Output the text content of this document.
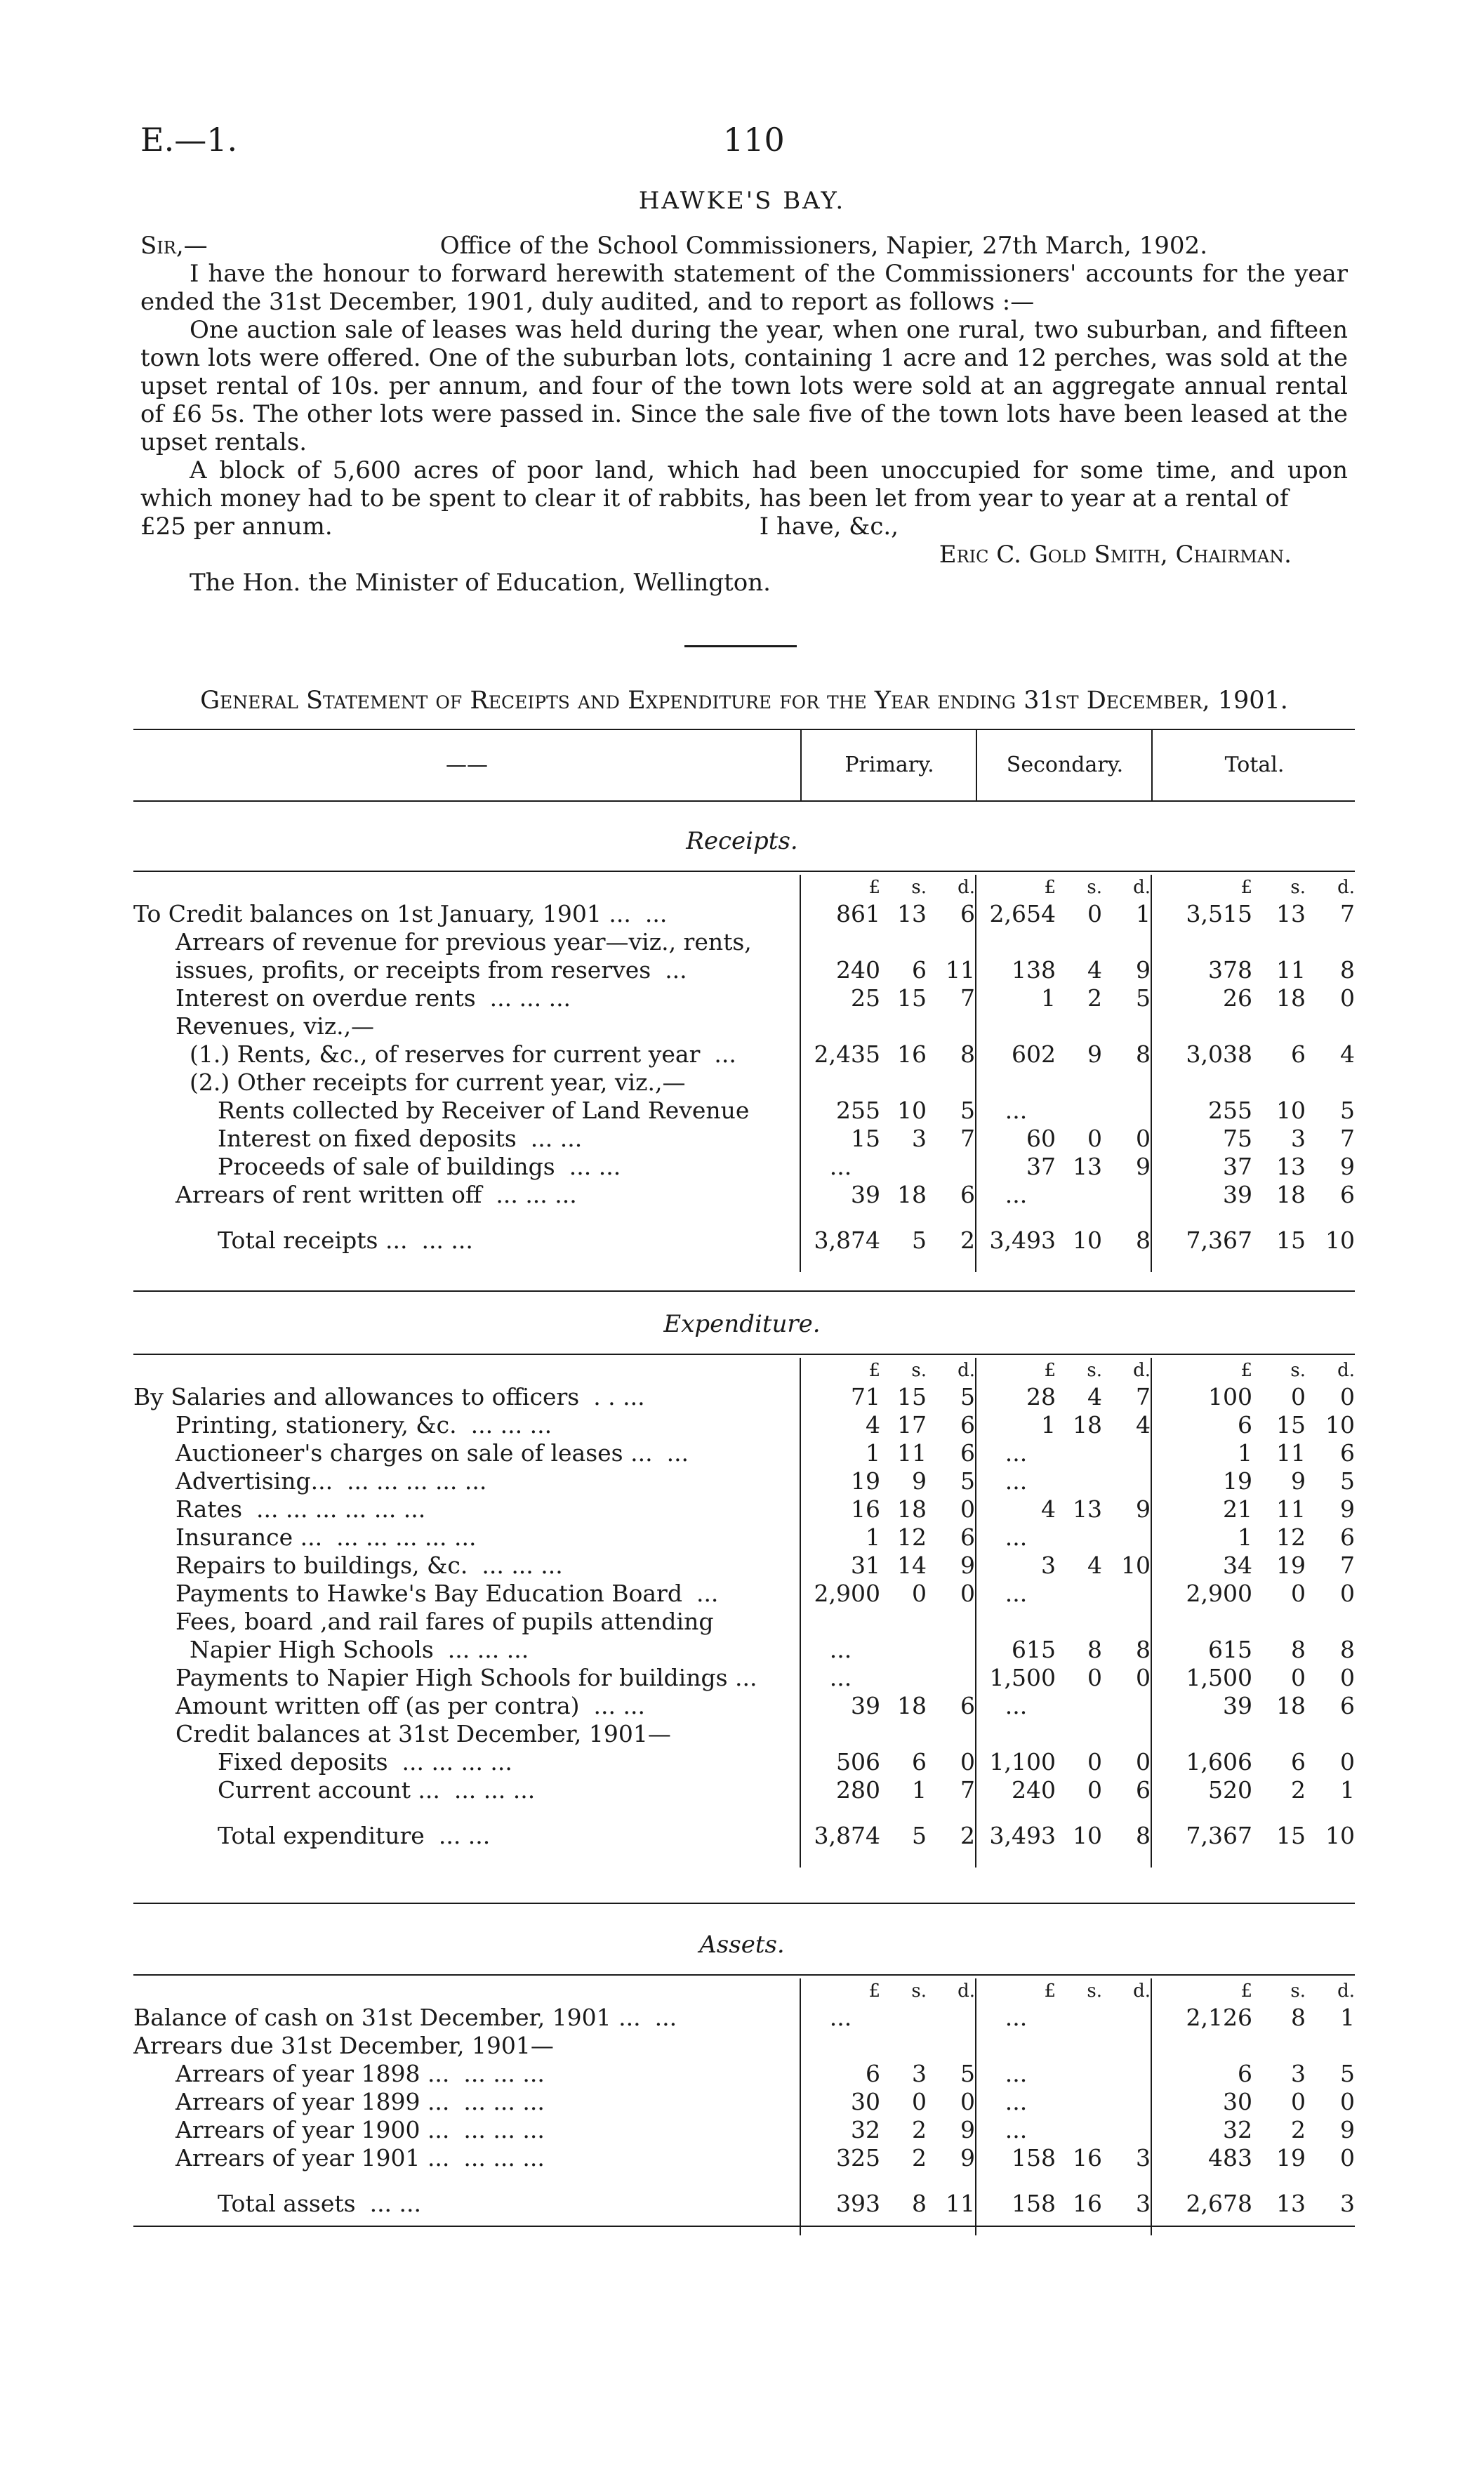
E.—1.	110
HAWKE'S BAY.
Sir,—	Office of the School Commissioners, Napier, 27th March, 1902.

I have the honour to forward herewith statement of the Commissioners' accounts for the year ended the 31st December, 1901, duly audited, and to report as follows :—

One auction sale of leases was held during the year, when one rural, two suburban, and fifteen town lots were offered. One of the suburban lots, containing 1 acre and 12 perches, was sold at the upset rental of 10s. per annum, and four of the town lots were sold at an aggregate annual rental of £6 5s. The other lots were passed in. Since the sale five of the town lots have been leased at the upset rentals.

A block of 5,600 acres of poor land, which had been unoccupied for some time, and upon which money had to be spent to clear it of rabbits, has been let from year to year at a rental of

£25 per annum.	I have, &c.,
Eric C. Gold Smith, Chairman.
The Hon. the Minister of Education, Wellington.
General Statement of Receipts and Expenditure for the Year ending 31st December, 1901.
——	Primary.	Secondary.	Total.
Receipts.
	£	s.	d.	£	s.	d.	£	s.	d.
To Credit balances on 1st January, 1901 ... ...	861	13	6	2,654	0	1	3,515	13	7
Arrears of revenue for previous year—viz., rents,									
issues, profits, or receipts from reserves ...	240	6	11	138	4	9	378	11	8
Interest on overdue rents ... ... ...	25	15	7	1	2	5	26	18	0
Revenues, viz.,—									
(1.) Rents, &c., of reserves for current year ...	2,435	16	8	602	9	8	3,038	6	4
(2.) Other receipts for current year, viz.,—									
Rents collected by Receiver of Land Revenue	255	10	5	...			255	10	5
Interest on fixed deposits ... ...	15	3	7	60	0	0	75	3	7
Proceeds of sale of buildings ... ...	...			37	13	9	37	13	9
Arrears of rent written off ... ... ...	39	18	6	...			39	18	6
Total receipts ... ... ...	3,874	5	2	3,493	10	8	7,367	15	10
Expenditure.
	£	s.	d.	£	s.	d.	£	s.	d.
By Salaries and allowances to officers . . ...	71	15	5	28	4	7	100	0	0
Printing, stationery, &c. ... ... ...	4	17	6	1	18	4	6	15	10
Auctioneer's charges on sale of leases ... ...	1	11	6	...			1	11	6
Advertising... ... ... ... ... ...	19	9	5	...			19	9	5
Rates ... ... ... ... ... ...	16	18	0	4	13	9	21	11	9
Insurance ... ... ... ... ... ...	1	12	6	...			1	12	6
Repairs to buildings, &c. ... ... ...	31	14	9	3	4	10	34	19	7
Payments to Hawke's Bay Education Board ...	2,900	0	0	...			2,900	0	0
Fees, board ,and rail fares of pupils attending									
Napier High Schools ... ... ...	...			615	8	8	615	8	8
Payments to Napier High Schools for buildings ...	...			1,500	0	0	1,500	0	0
Amount written off (as per contra) ... ...	39	18	6	...			39	18	6
Credit balances at 31st December, 1901—									
Fixed deposits ... ... ... ...	506	6	0	1,100	0	0	1,606	6	0
Current account ... ... ... ...	280	1	7	240	0	6	520	2	1
Total expenditure ... ...	3,874	5	2	3,493	10	8	7,367	15	10
Assets.
	£	s.	d.	£	s.	d.	£	s.	d.
Balance of cash on 31st December, 1901 ... ...	...			...			2,126	8	1
Arrears due 31st December, 1901—									
Arrears of year 1898 ... ... ... ...	6	3	5	...			6	3	5
Arrears of year 1899 ... ... ... ...	30	0	0	...			30	0	0
Arrears of year 1900 ... ... ... ...	32	2	9	...			32	2	9
Arrears of year 1901 ... ... ... ...	325	2	9	158	16	3	483	19	0
Total assets ... ...	393	8	11	158	16	3	2,678	13	3
